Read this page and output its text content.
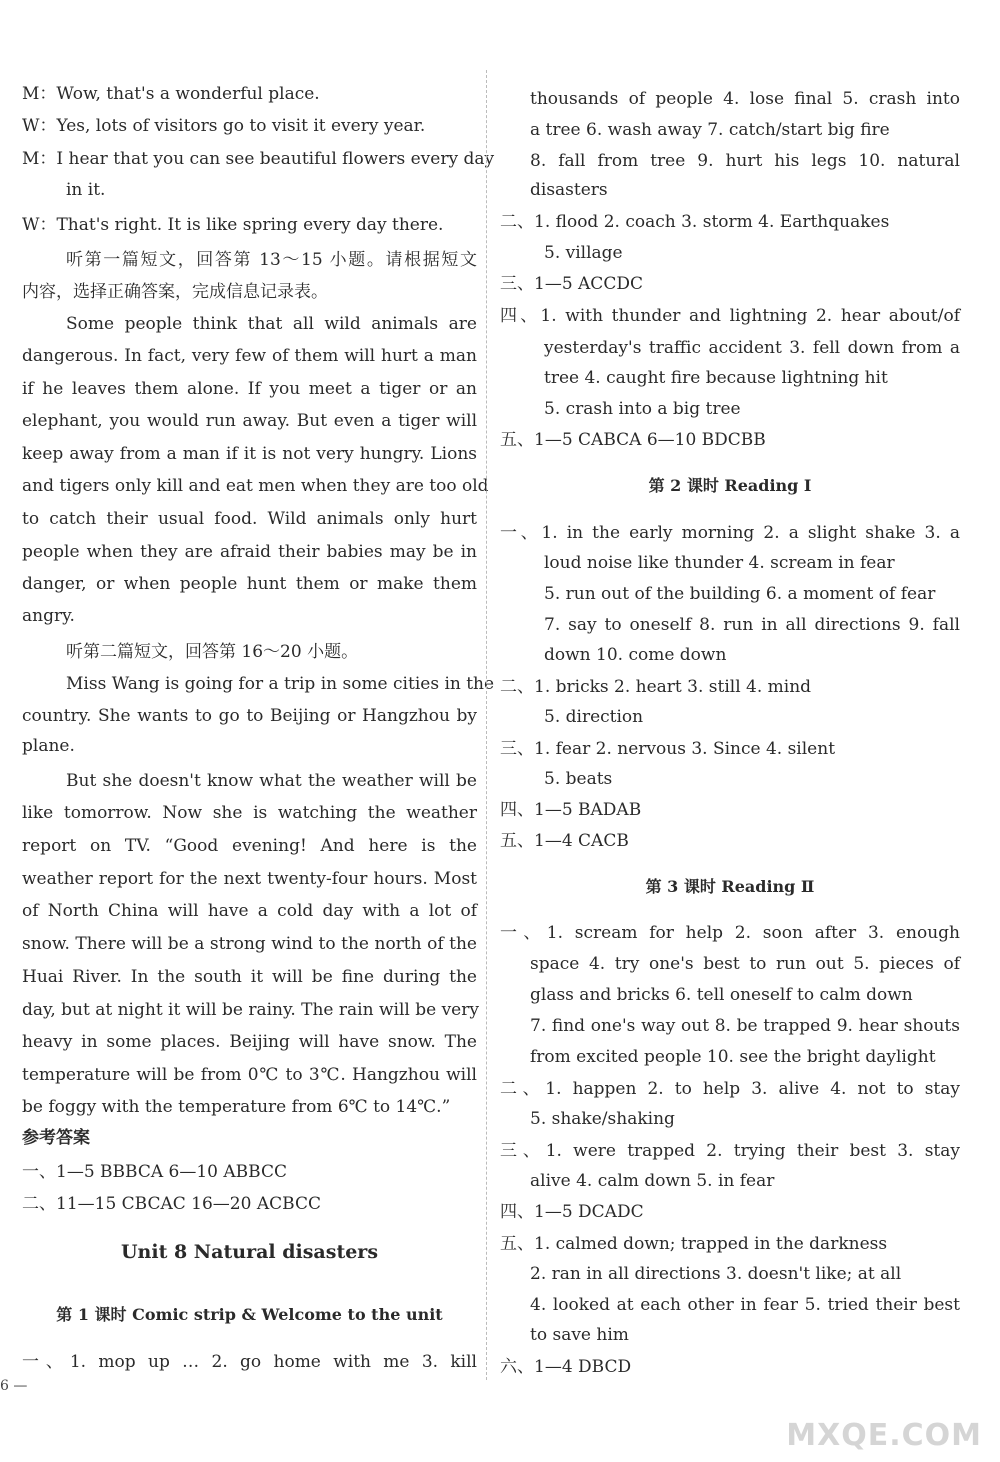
M：Wow, that's a wonderful place.
W：Yes, lots of visitors go to visit it every year.
M：I hear that you can see beautiful flowers every day
in it.
W：That's right. It is like spring every day there.
听第一篇短文，回答第 13～15 小题。请根据短文
内容，选择正确答案，完成信息记录表。
Some people think that all wild animals are
dangerous. In fact, very few of them will hurt a man
if he leaves them alone. If you meet a tiger or an
elephant, you would run away. But even a tiger will
keep away from a man if it is not very hungry. Lions
and tigers only kill and eat men when they are too old
to catch their usual food. Wild animals only hurt
people when they are afraid their babies may be in
danger, or when people hunt them or make them
angry.
听第二篇短文，回答第 16～20 小题。
Miss Wang is going for a trip in some cities in the
country. She wants to go to Beijing or Hangzhou by
plane.
But she doesn't know what the weather will be
like tomorrow. Now she is watching the weather
report on TV. “Good evening! And here is the
weather report for the next twenty-four hours. Most
of North China will have a cold day with a lot of
snow. There will be a strong wind to the north of the
Huai River. In the south it will be fine during the
day, but at night it will be rainy. The rain will be very
heavy in some places. Beijing will have snow. The
temperature will be from 0℃ to 3℃. Hangzhou will
be foggy with the temperature from 6℃ to 14℃.”
参考答案
一、1—5 BBBCA 6—10 ABBCC
二、11—15 CBCAC 16—20 ACBCC
Unit 8 Natural disasters
第 1 课时 Comic strip & Welcome to the unit
一、1. mop up … 2. go home with me 3. kill
thousands of people 4. lose final 5. crash into
a tree 6. wash away 7. catch/start big fire
8. fall from tree 9. hurt his legs 10. natural
disasters
二、1. flood 2. coach 3. storm 4. Earthquakes
5. village
三、1—5 ACCDC
四、1. with thunder and lightning 2. hear about/of
yesterday's traffic accident 3. fell down from a
tree 4. caught fire because lightning hit
5. crash into a big tree
五、1—5 CABCA 6—10 BDCBB
第 2 课时 Reading Ⅰ
一、1. in the early morning 2. a slight shake 3. a
loud noise like thunder 4. scream in fear
5. run out of the building 6. a moment of fear
7. say to oneself 8. run in all directions 9. fall
down 10. come down
二、1. bricks 2. heart 3. still 4. mind
5. direction
三、1. fear 2. nervous 3. Since 4. silent
5. beats
四、1—5 BADAB
五、1—4 CACB
第 3 课时 Reading Ⅱ
一、1. scream for help 2. soon after 3. enough
space 4. try one's best to run out 5. pieces of
glass and bricks 6. tell oneself to calm down
7. find one's way out 8. be trapped 9. hear shouts
from excited people 10. see the bright daylight
二、1. happen 2. to help 3. alive 4. not to stay
5. shake/shaking
三、1. were trapped 2. trying their best 3. stay
alive 4. calm down 5. in fear
四、1—5 DCADC
五、1. calmed down; trapped in the darkness
2. ran in all directions 3. doesn't like; at all
4. looked at each other in fear 5. tried their best
to save him
六、1—4 DBCD
6 —
MXQE.COM
